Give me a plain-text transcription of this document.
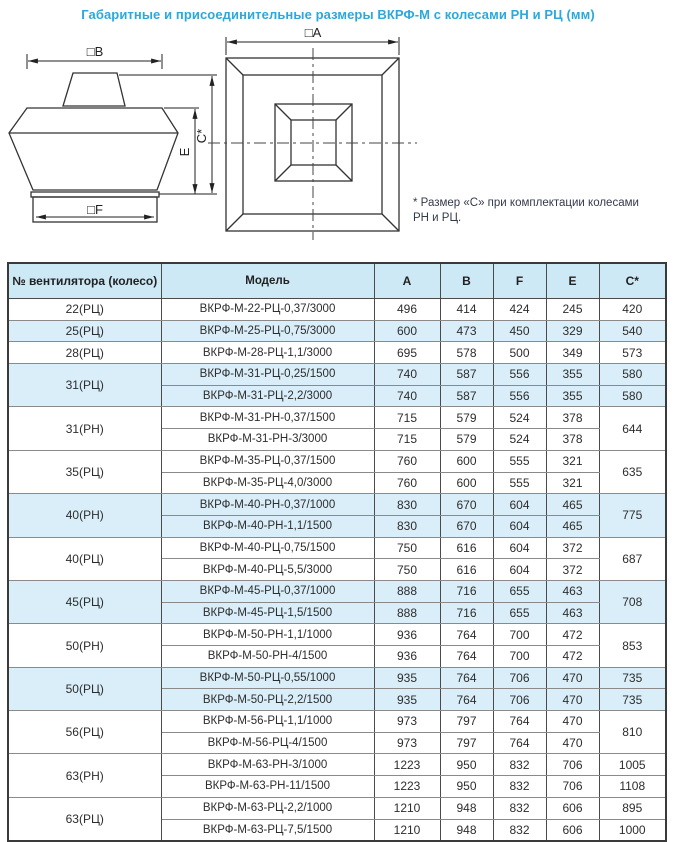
Габаритные и присоединительные размеры ВКРФ-М с колесами РН и РЦ (мм)
□B
□F
E
C*
□A
* Размер «С» при комплектации колесами
РН и РЦ.
№ вентилятора (колесо)	Модель	A	B	F	E	С*
22(РЦ)	ВКРФ-М-22-РЦ-0,37/3000	496	414	424	245	420
25(РЦ)	ВКРФ-М-25-РЦ-0,75/3000	600	473	450	329	540
28(РЦ)	ВКРФ-М-28-РЦ-1,1/3000	695	578	500	349	573
31(РЦ)	ВКРФ-М-31-РЦ-0,25/1500	740	587	556	355	580
	ВКРФ-М-31-РЦ-2,2/3000	740	587	556	355	580
31(РН)	ВКРФ-М-31-РН-0,37/1500	715	579	524	378	644
	ВКРФ-М-31-РН-3/3000	715	579	524	378	
35(РЦ)	ВКРФ-М-35-РЦ-0,37/1500	760	600	555	321	635
	ВКРФ-М-35-РЦ-4,0/3000	760	600	555	321	
40(РН)	ВКРФ-М-40-РН-0,37/1000	830	670	604	465	775
	ВКРФ-М-40-РН-1,1/1500	830	670	604	465	
40(РЦ)	ВКРФ-М-40-РЦ-0,75/1500	750	616	604	372	687
	ВКРФ-М-40-РЦ-5,5/3000	750	616	604	372	
45(РЦ)	ВКРФ-М-45-РЦ-0,37/1000	888	716	655	463	708
	ВКРФ-М-45-РЦ-1,5/1500	888	716	655	463	
50(РН)	ВКРФ-М-50-РН-1,1/1000	936	764	700	472	853
	ВКРФ-М-50-РН-4/1500	936	764	700	472	
50(РЦ)	ВКРФ-М-50-РЦ-0,55/1000	935	764	706	470	735
	ВКРФ-М-50-РЦ-2,2/1500	935	764	706	470	735
56(РЦ)	ВКРФ-М-56-РЦ-1,1/1000	973	797	764	470	810
	ВКРФ-М-56-РЦ-4/1500	973	797	764	470	
63(РН)	ВКРФ-М-63-РН-3/1000	1223	950	832	706	1005
	ВКРФ-М-63-РН-11/1500	1223	950	832	706	1108
63(РЦ)	ВКРФ-М-63-РЦ-2,2/1000	1210	948	832	606	895
	ВКРФ-М-63-РЦ-7,5/1500	1210	948	832	606	1000
